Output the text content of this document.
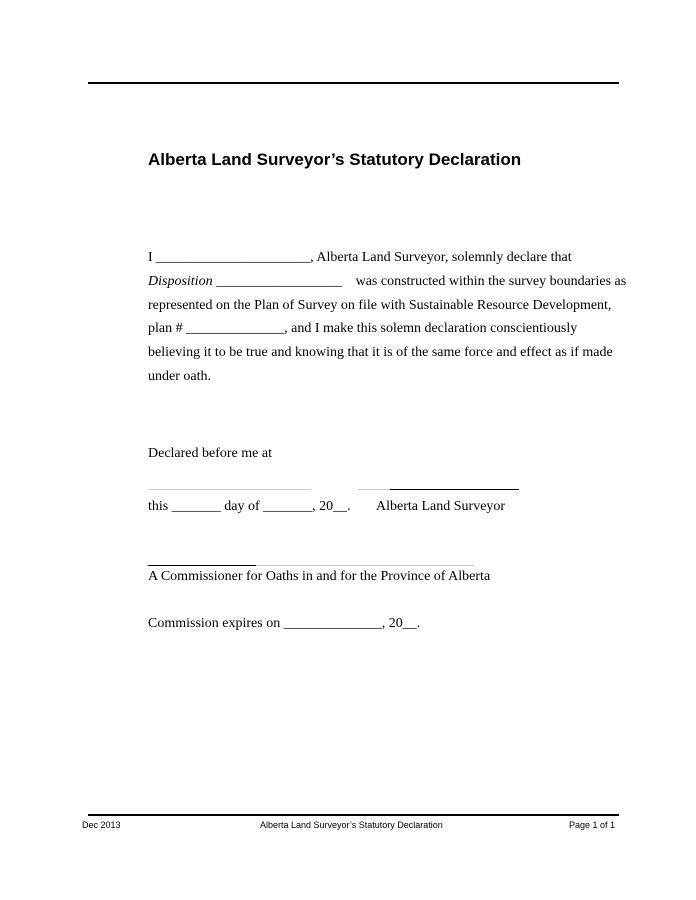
Alberta Land Surveyor’s Statutory Declaration
I ______________________, Alberta Land Surveyor, solemnly declare that
Disposition __________________ was constructed within the survey boundaries as
represented on the Plan of Survey on file with Sustainable Resource Development,
plan # ______________, and I make this solemn declaration conscientiously
believing it to be true and knowing that it is of the same force and effect as if made
under oath.
Declared before me at
this _______ day of _______, 20__. Alberta Land Surveyor
A Commissioner for Oaths in and for the Province of Alberta
Commission expires on ______________, 20__.
Dec 2013	Alberta Land Surveyor’s Statutory Declaration	Page 1 of 1
